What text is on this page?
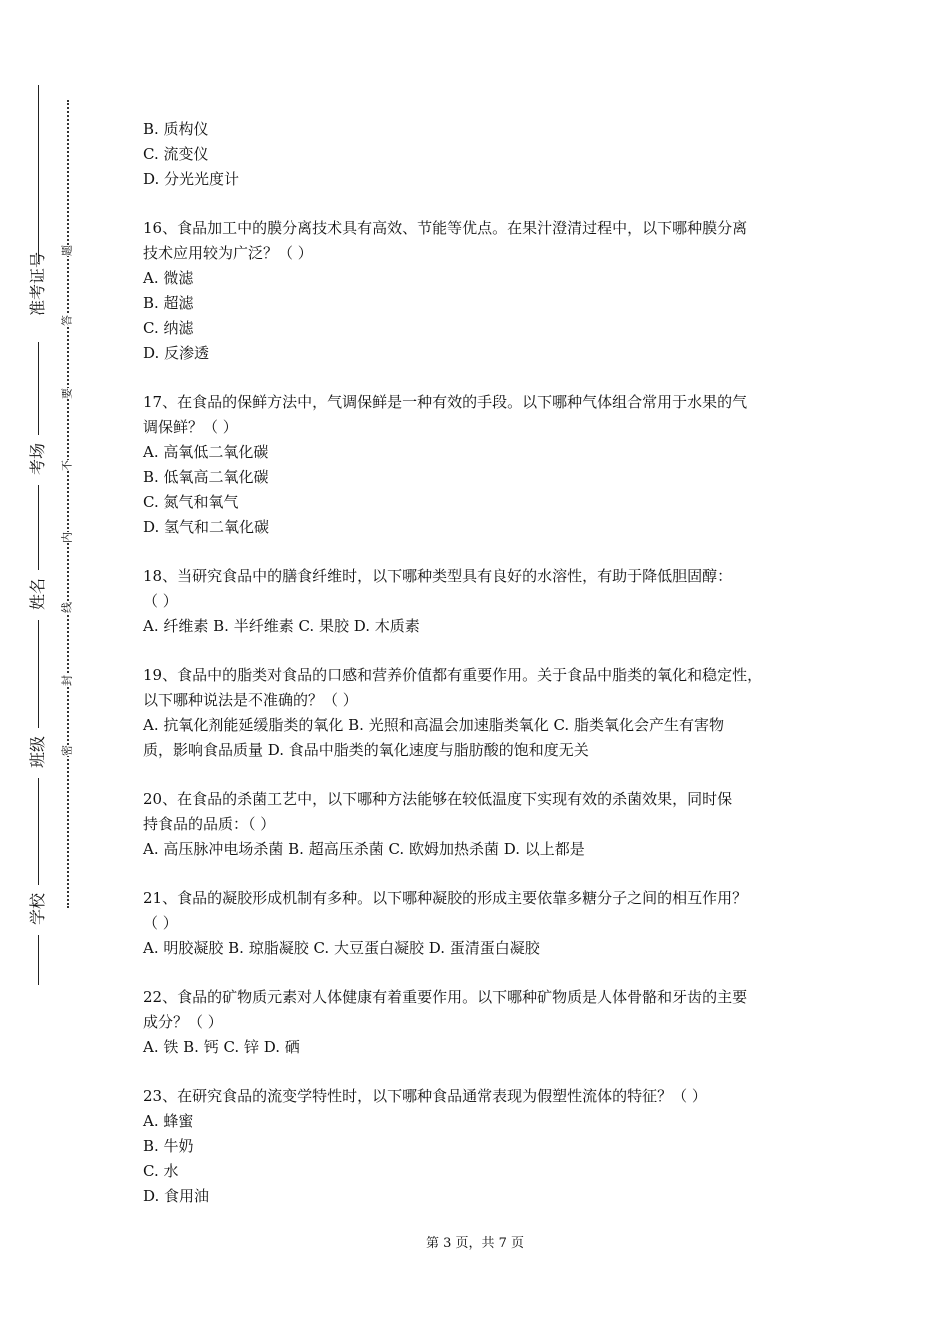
准考证号
考场
姓名
班级
学校
题
答
要
不
内
线
封
密
B. 质构仪
C. 流变仪
D. 分光光度计
16、食品加工中的膜分离技术具有高效、节能等优点。在果汁澄清过程中，以下哪种膜分离
技术应用较为广泛？（ ）
A. 微滤
B. 超滤
C. 纳滤
D. 反渗透
17、在食品的保鲜方法中，气调保鲜是一种有效的手段。以下哪种气体组合常用于水果的气
调保鲜？（ ）
A. 高氧低二氧化碳
B. 低氧高二氧化碳
C. 氮气和氧气
D. 氢气和二氧化碳
18、当研究食品中的膳食纤维时，以下哪种类型具有良好的水溶性，有助于降低胆固醇：
（ ）
A. 纤维素 B. 半纤维素 C. 果胶 D. 木质素
19、食品中的脂类对食品的口感和营养价值都有重要作用。关于食品中脂类的氧化和稳定性，
以下哪种说法是不准确的？（ ）
A. 抗氧化剂能延缓脂类的氧化 B. 光照和高温会加速脂类氧化 C. 脂类氧化会产生有害物
质，影响食品质量 D. 食品中脂类的氧化速度与脂肪酸的饱和度无关
20、在食品的杀菌工艺中，以下哪种方法能够在较低温度下实现有效的杀菌效果，同时保
持食品的品质：（ ）
A. 高压脉冲电场杀菌 B. 超高压杀菌 C. 欧姆加热杀菌 D. 以上都是
21、食品的凝胶形成机制有多种。以下哪种凝胶的形成主要依靠多糖分子之间的相互作用？
（ ）
A. 明胶凝胶 B. 琼脂凝胶 C. 大豆蛋白凝胶 D. 蛋清蛋白凝胶
22、食品的矿物质元素对人体健康有着重要作用。以下哪种矿物质是人体骨骼和牙齿的主要
成分？（ ）
A. 铁 B. 钙 C. 锌 D. 硒
23、在研究食品的流变学特性时，以下哪种食品通常表现为假塑性流体的特征？（ ）
A. 蜂蜜
B. 牛奶
C. 水
D. 食用油
第 3 页，共 7 页
